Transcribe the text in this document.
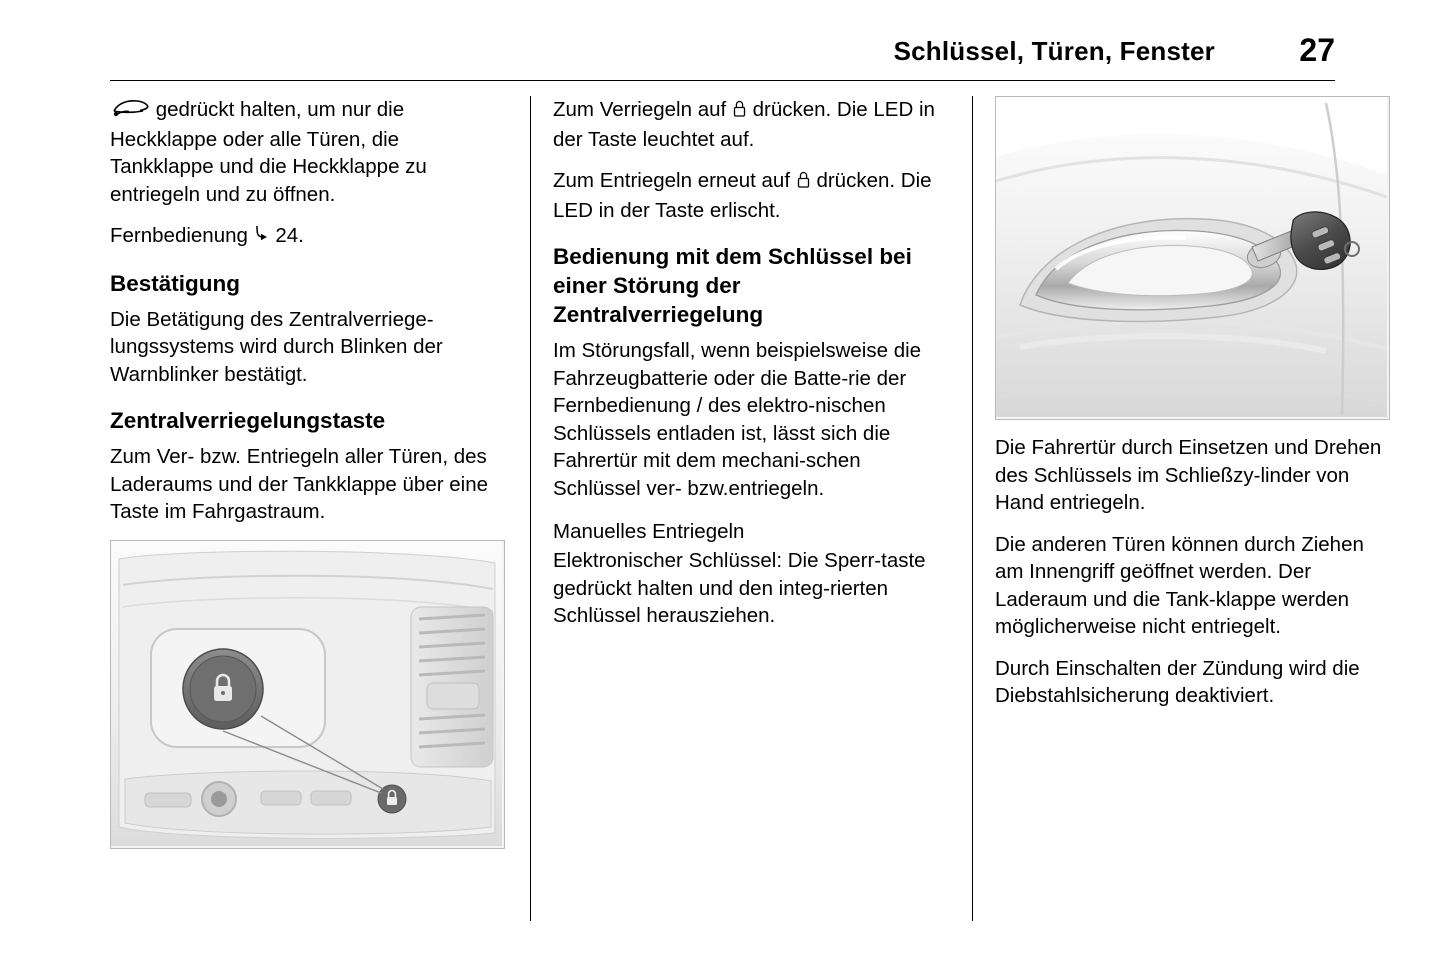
Schlüssel, Türen, Fenster	27

gedrückt halten, um nur die Heckklappe oder alle Türen, die Tankklappe und die Heckklappe zu entriegeln und zu öffnen.

Fernbedienung 24.

Bestätigung

Die Betätigung des Zentralverriege-lungssystems wird durch Blinken der Warnblinker bestätigt.

Zentralverriegelungstaste

Zum Ver- bzw. Entriegeln aller Türen, des Laderaums und der Tankklappe über eine Taste im Fahrgastraum.

Zum Verriegeln auf drücken. Die LED in der Taste leuchtet auf.

Zum Entriegeln erneut auf drücken. Die LED in der Taste erlischt.

Bedienung mit dem Schlüssel bei einer Störung der Zentralverriegelung

Im Störungsfall, wenn beispielsweise die Fahrzeugbatterie oder die Batte-rie der Fernbedienung / des elektro-nischen Schlüssels entladen ist, lässt sich die Fahrertür mit dem mechani-schen Schlüssel ver- bzw.entriegeln.

Manuelles Entriegeln

Elektronischer Schlüssel: Die Sperr-taste gedrückt halten und den integ-rierten Schlüssel herausziehen.

Die Fahrertür durch Einsetzen und Drehen des Schlüssels im Schließzy-linder von Hand entriegeln.

Die anderen Türen können durch Ziehen am Innengriff geöffnet werden. Der Laderaum und die Tank-klappe werden möglicherweise nicht entriegelt.

Durch Einschalten der Zündung wird die Diebstahlsicherung deaktiviert.
